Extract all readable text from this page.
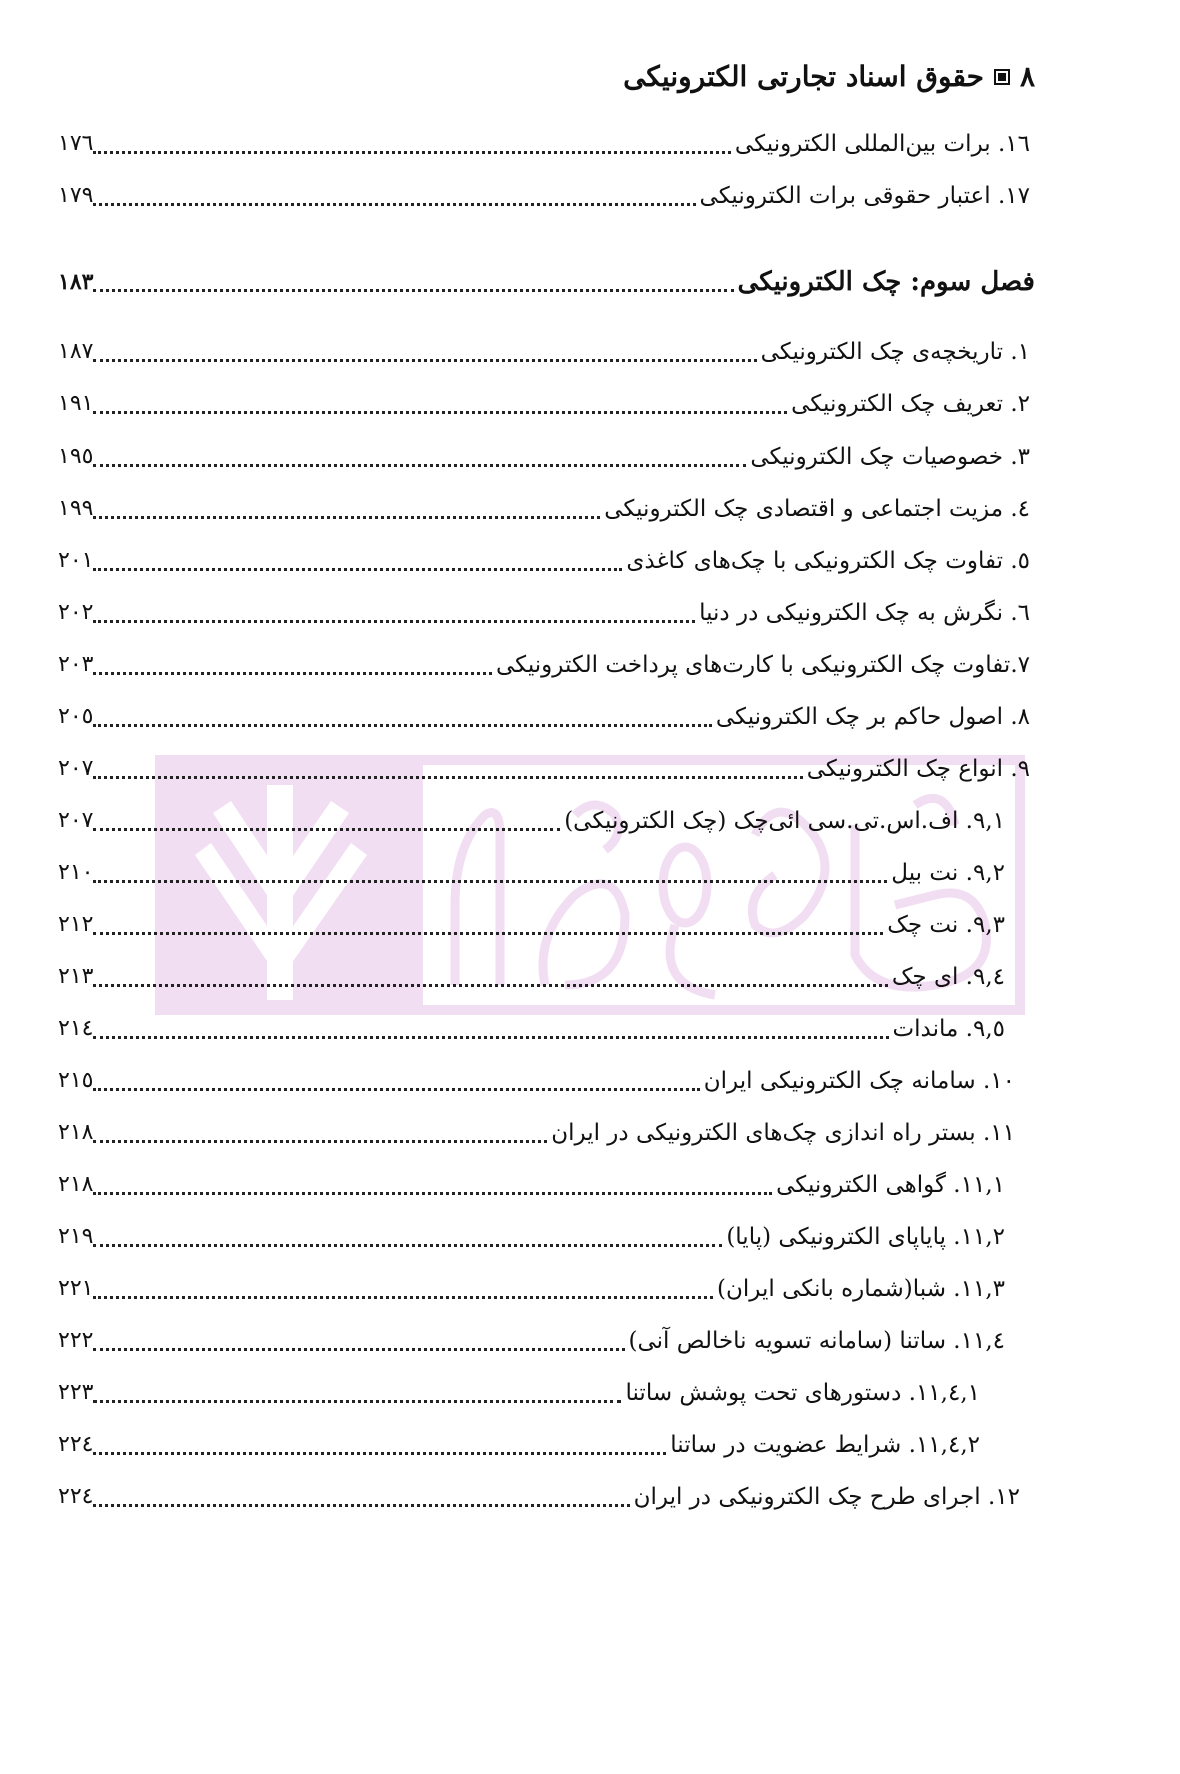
٨
حقوق اسناد تجارتی الکترونیکی
١٦. برات بین‌المللی الکترونیکی
١٧٦
١٧. اعتبار حقوقی برات الکترونیکی
١٧٩
فصل سوم: چک الکترونیکی
١٨٣
١. تاریخچه‌ی چک الکترونیکی
١٨٧
٢. تعریف چک الکترونیکی
١٩١
٣. خصوصیات چک الکترونیکی
١٩٥
٤. مزیت اجتماعی و اقتصادی چک الکترونیکی
١٩٩
٥. تفاوت چک الکترونیکی با چک‌های کاغذی
٢٠١
٦. نگرش به چک الکترونیکی در دنیا
٢٠٢
٧.تفاوت چک الکترونیکی با کارت‌های پرداخت الکترونیکی
٢٠٣
٨. اصول حاکم بر چک الکترونیکی
٢٠٥
٩. انواع چک الکترونیکی
٢٠٧
٩,١. اف.اس.تی.سی ائی‌چک (چک الکترونیکی)
٢٠٧
٩,٢. نت بیل
٢١٠
٩,٣. نت چک
٢١٢
٩,٤. ای چک
٢١٣
٩,٥. ماندات
٢١٤
١٠. سامانه چک الکترونیکی ایران
٢١٥
١١. بستر راه اندازی چک‌های الکترونیکی در ایران
٢١٨
١١,١. گواهی الکترونیکی
٢١٨
١١,٢. پایاپای الکترونیکی (پایا)
٢١٩
١١,٣. شبا(شماره بانکی ایران)
٢٢١
١١,٤. ساتنا (سامانه تسویه ناخالص آنی)
٢٢٢
١١,٤,١. دستورهای تحت پوشش ساتنا
٢٢٣
١١,٤,٢. شرایط عضویت در ساتنا
٢٢٤
١٢. اجرای طرح چک الکترونیکی در ایران
٢٢٤
